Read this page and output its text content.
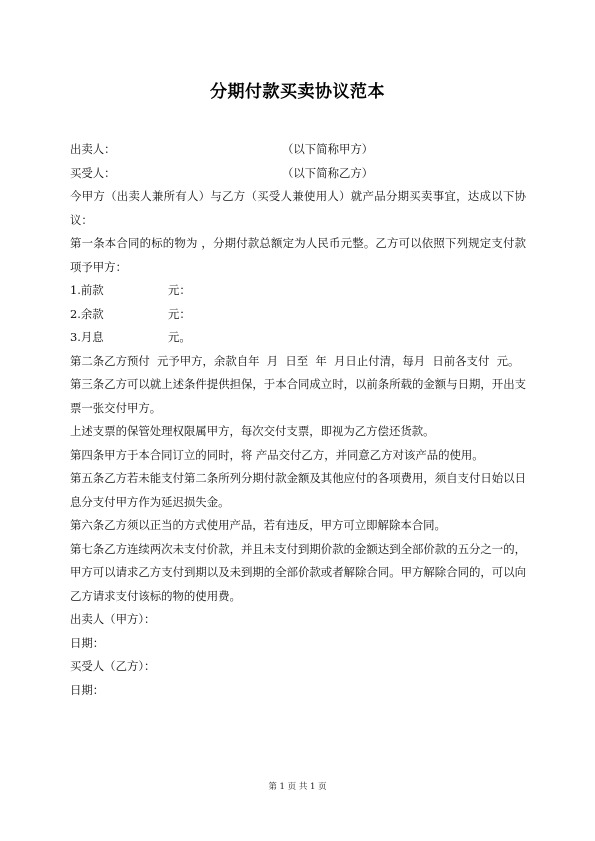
分期付款买卖协议范本
出卖人：	（以下简称甲方）
买受人：	（以下简称乙方）
今甲方（出卖人兼所有人）与乙方（买受人兼使用人）就产品分期买卖事宜，达成以下协议：
第一条本合同的标的物为 ，分期付款总额定为人民币元整。乙方可以依照下列规定支付款项予甲方：
1.前款	元：
2.余款	元：
3.月息	元。
第二条乙方预付  元予甲方，余款自年  月  日至  年  月日止付清，每月  日前各支付  元。
第三条乙方可以就上述条件提供担保，于本合同成立时，以前条所载的金额与日期，开出支票一张交付甲方。
上述支票的保管处理权限属甲方，每次交付支票，即视为乙方偿还货款。
第四条甲方于本合同订立的同时，将 产品交付乙方，并同意乙方对该产品的使用。
第五条乙方若未能支付第二条所列分期付款金额及其他应付的各项费用，须自支付日始以日息分支付甲方作为延迟损失金。
第六条乙方须以正当的方式使用产品，若有违反，甲方可立即解除本合同。
第七条乙方连续两次未支付价款，并且未支付到期价款的金额达到全部价款的五分之一的，甲方可以请求乙方支付到期以及未到期的全部价款或者解除合同。甲方解除合同的，可以向乙方请求支付该标的物的使用费。
出卖人（甲方）：
日期：
买受人（乙方）：
日期：
第 1 页 共 1 页
